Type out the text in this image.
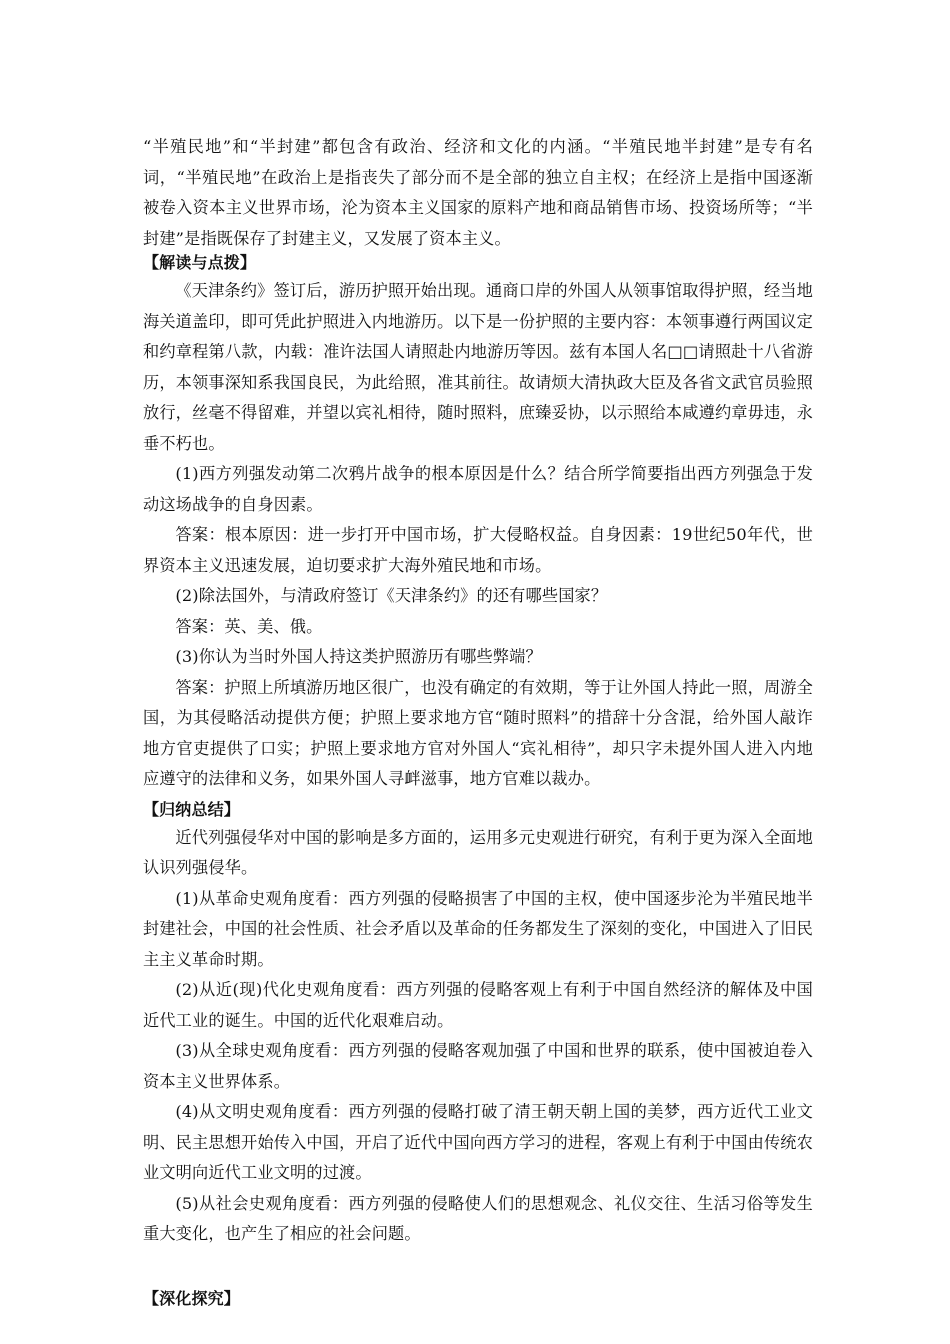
“半殖民地”和“半封建”都包含有政治、经济和文化的内涵。“半殖民地半封建”是专有名词，“半殖民地”在政治上是指丧失了部分而不是全部的独立自主权；在经济上是指中国逐渐被卷入资本主义世界市场，沦为资本主义国家的原料产地和商品销售市场、投资场所等；“半封建”是指既保存了封建主义，又发展了资本主义。

【解读与点拨】

《天津条约》签订后，游历护照开始出现。通商口岸的外国人从领事馆取得护照，经当地海关道盖印，即可凭此护照进入内地游历。以下是一份护照的主要内容：本领事遵行两国议定和约章程第八款，内载：准许法国人请照赴内地游历等因。兹有本国人名□□请照赴十八省游历，本领事深知系我国良民，为此给照，准其前往。故请烦大清执政大臣及各省文武官员验照放行，丝毫不得留难，并望以宾礼相待，随时照料，庶臻妥协，以示照给本咸遵约章毋违，永垂不朽也。

(1)西方列强发动第二次鸦片战争的根本原因是什么？结合所学简要指出西方列强急于发动这场战争的自身因素。

答案：根本原因：进一步打开中国市场，扩大侵略权益。自身因素：19世纪50年代，世界资本主义迅速发展，迫切要求扩大海外殖民地和市场。

(2)除法国外，与清政府签订《天津条约》的还有哪些国家？

答案：英、美、俄。

(3)你认为当时外国人持这类护照游历有哪些弊端？

答案：护照上所填游历地区很广，也没有确定的有效期，等于让外国人持此一照，周游全国，为其侵略活动提供方便；护照上要求地方官“随时照料”的措辞十分含混，给外国人敲诈地方官吏提供了口实；护照上要求地方官对外国人“宾礼相待”，却只字未提外国人进入内地应遵守的法律和义务，如果外国人寻衅滋事，地方官难以裁办。

【归纳总结】

近代列强侵华对中国的影响是多方面的，运用多元史观进行研究，有利于更为深入全面地认识列强侵华。

(1)从革命史观角度看：西方列强的侵略损害了中国的主权，使中国逐步沦为半殖民地半封建社会，中国的社会性质、社会矛盾以及革命的任务都发生了深刻的变化，中国进入了旧民主主义革命时期。

(2)从近(现)代化史观角度看：西方列强的侵略客观上有利于中国自然经济的解体及中国近代工业的诞生。中国的近代化艰难启动。

(3)从全球史观角度看：西方列强的侵略客观加强了中国和世界的联系，使中国被迫卷入资本主义世界体系。

(4)从文明史观角度看：西方列强的侵略打破了清王朝天朝上国的美梦，西方近代工业文明、民主思想开始传入中国，开启了近代中国向西方学习的进程，客观上有利于中国由传统农业文明向近代工业文明的过渡。

(5)从社会史观角度看：西方列强的侵略使人们的思想观念、礼仪交往、生活习俗等发生重大变化，也产生了相应的社会问题。

【深化探究】
